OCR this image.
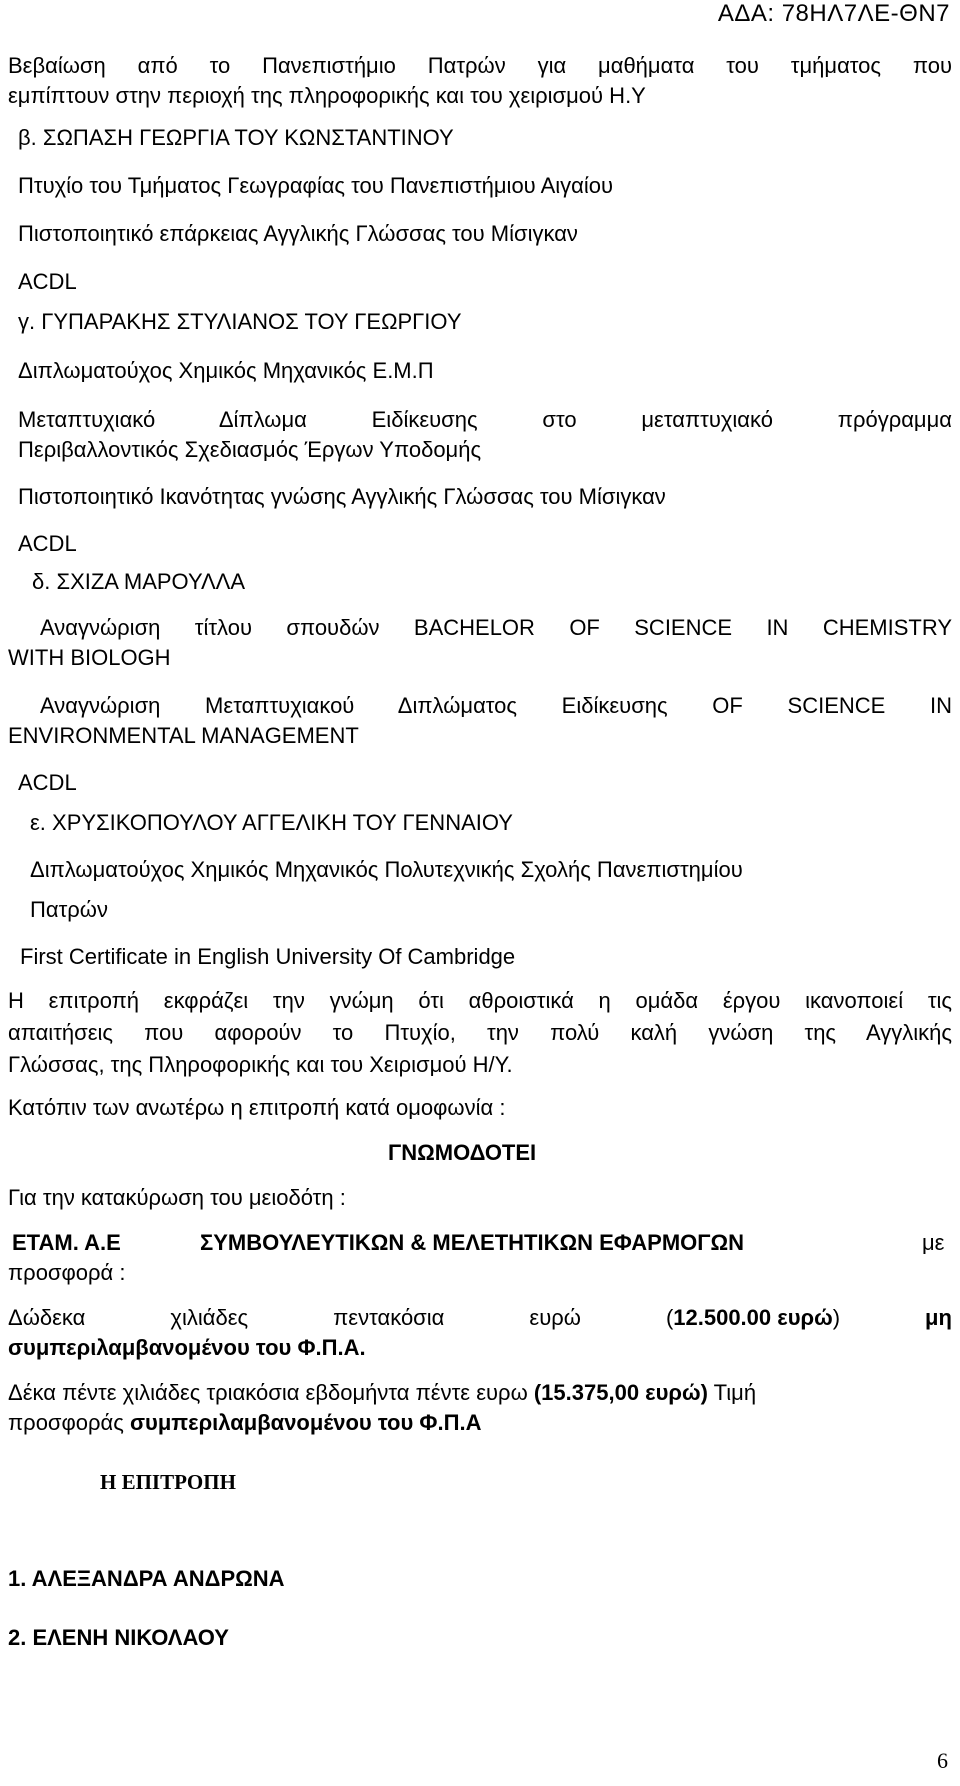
ΑΔΑ: 78ΗΛ7ΛΕ-ΘΝ7
Βεβαίωση από το Πανεπιστήμιο Πατρών για μαθήματα του τμήματος που
εμπίπτουν στην περιοχή της πληροφορικής και του χειρισμού Η.Υ
β. ΣΩΠΑΣΗ ΓΕΩΡΓΙΑ ΤΟΥ ΚΩΝΣΤΑΝΤΙΝΟΥ
Πτυχίο του Τμήματος Γεωγραφίας του Πανεπιστήμιου Αιγαίου
Πιστοποιητικό επάρκειας Αγγλικής Γλώσσας του Μίσιγκαν
ACDL
γ. ΓΥΠΑΡΑΚΗΣ ΣΤΥΛΙΑΝΟΣ ΤΟΥ ΓΕΩΡΓΙΟΥ
Διπλωματούχος Χημικός Μηχανικός Ε.Μ.Π
Μεταπτυχιακό Δίπλωμα Ειδίκευσης στο μεταπτυχιακό πρόγραμμα
Περιβαλλοντικός Σχεδιασμός Έργων Υποδομής
Πιστοποιητικό Ικανότητας γνώσης Αγγλικής Γλώσσας του Μίσιγκαν
ACDL
δ. ΣΧΙΖΑ ΜΑΡΟΥΛΛΑ
Αναγνώριση τίτλου σπουδών BACHELOR OF SCIENCE IN CHEMISTRY
WITH BIOLOGH
Αναγνώριση Μεταπτυχιακού Διπλώματος Ειδίκευσης OF SCIENCE IN
ENVIRONMENTAL MANAGEMENT
ACDL
ε. ΧΡΥΣΙΚΟΠΟΥΛΟΥ ΑΓΓΕΛΙΚΗ ΤΟΥ ΓΕΝΝΑΙΟΥ
Διπλωματούχος Χημικός Μηχανικός Πολυτεχνικής Σχολής Πανεπιστημίου
Πατρών
First Certificate in English University Of Cambridge
Η επιτροπή εκφράζει την γνώμη ότι αθροιστικά η ομάδα έργου ικανοποιεί τις
απαιτήσεις που αφορούν το Πτυχίο, την πολύ καλή γνώση της Αγγλικής
Γλώσσας, της Πληροφορικής και του Χειρισμού Η/Υ.
Κατόπιν των ανωτέρω η επιτροπή κατά ομοφωνία :
ΓΝΩΜΟΔΟΤΕΙ
Για την κατακύρωση του μειοδότη :
ΕΤΑΜ. Α.Ε	ΣΥΜΒΟΥΛΕΥΤΙΚΩΝ & ΜΕΛΕΤΗΤΙΚΩΝ ΕΦΑΡΜΟΓΩΝ	με
προσφορά :
Δώδεκα	χιλιάδες	πεντακόσια	ευρώ	(12.500.00 ευρώ)	μη
συμπεριλαμβανομένου του Φ.Π.Α.
Δέκα πέντε χιλιάδες τριακόσια εβδομήντα πέντε ευρω (15.375,00 ευρώ) Τιμή
προσφοράς συμπεριλαμβανομένου του Φ.Π.Α
Η ΕΠΙΤΡΟΠΗ
1. ΑΛΕΞΑΝΔΡΑ ΑΝΔΡΩΝΑ
2. ΕΛΕΝΗ ΝΙΚΟΛΑΟΥ
6
